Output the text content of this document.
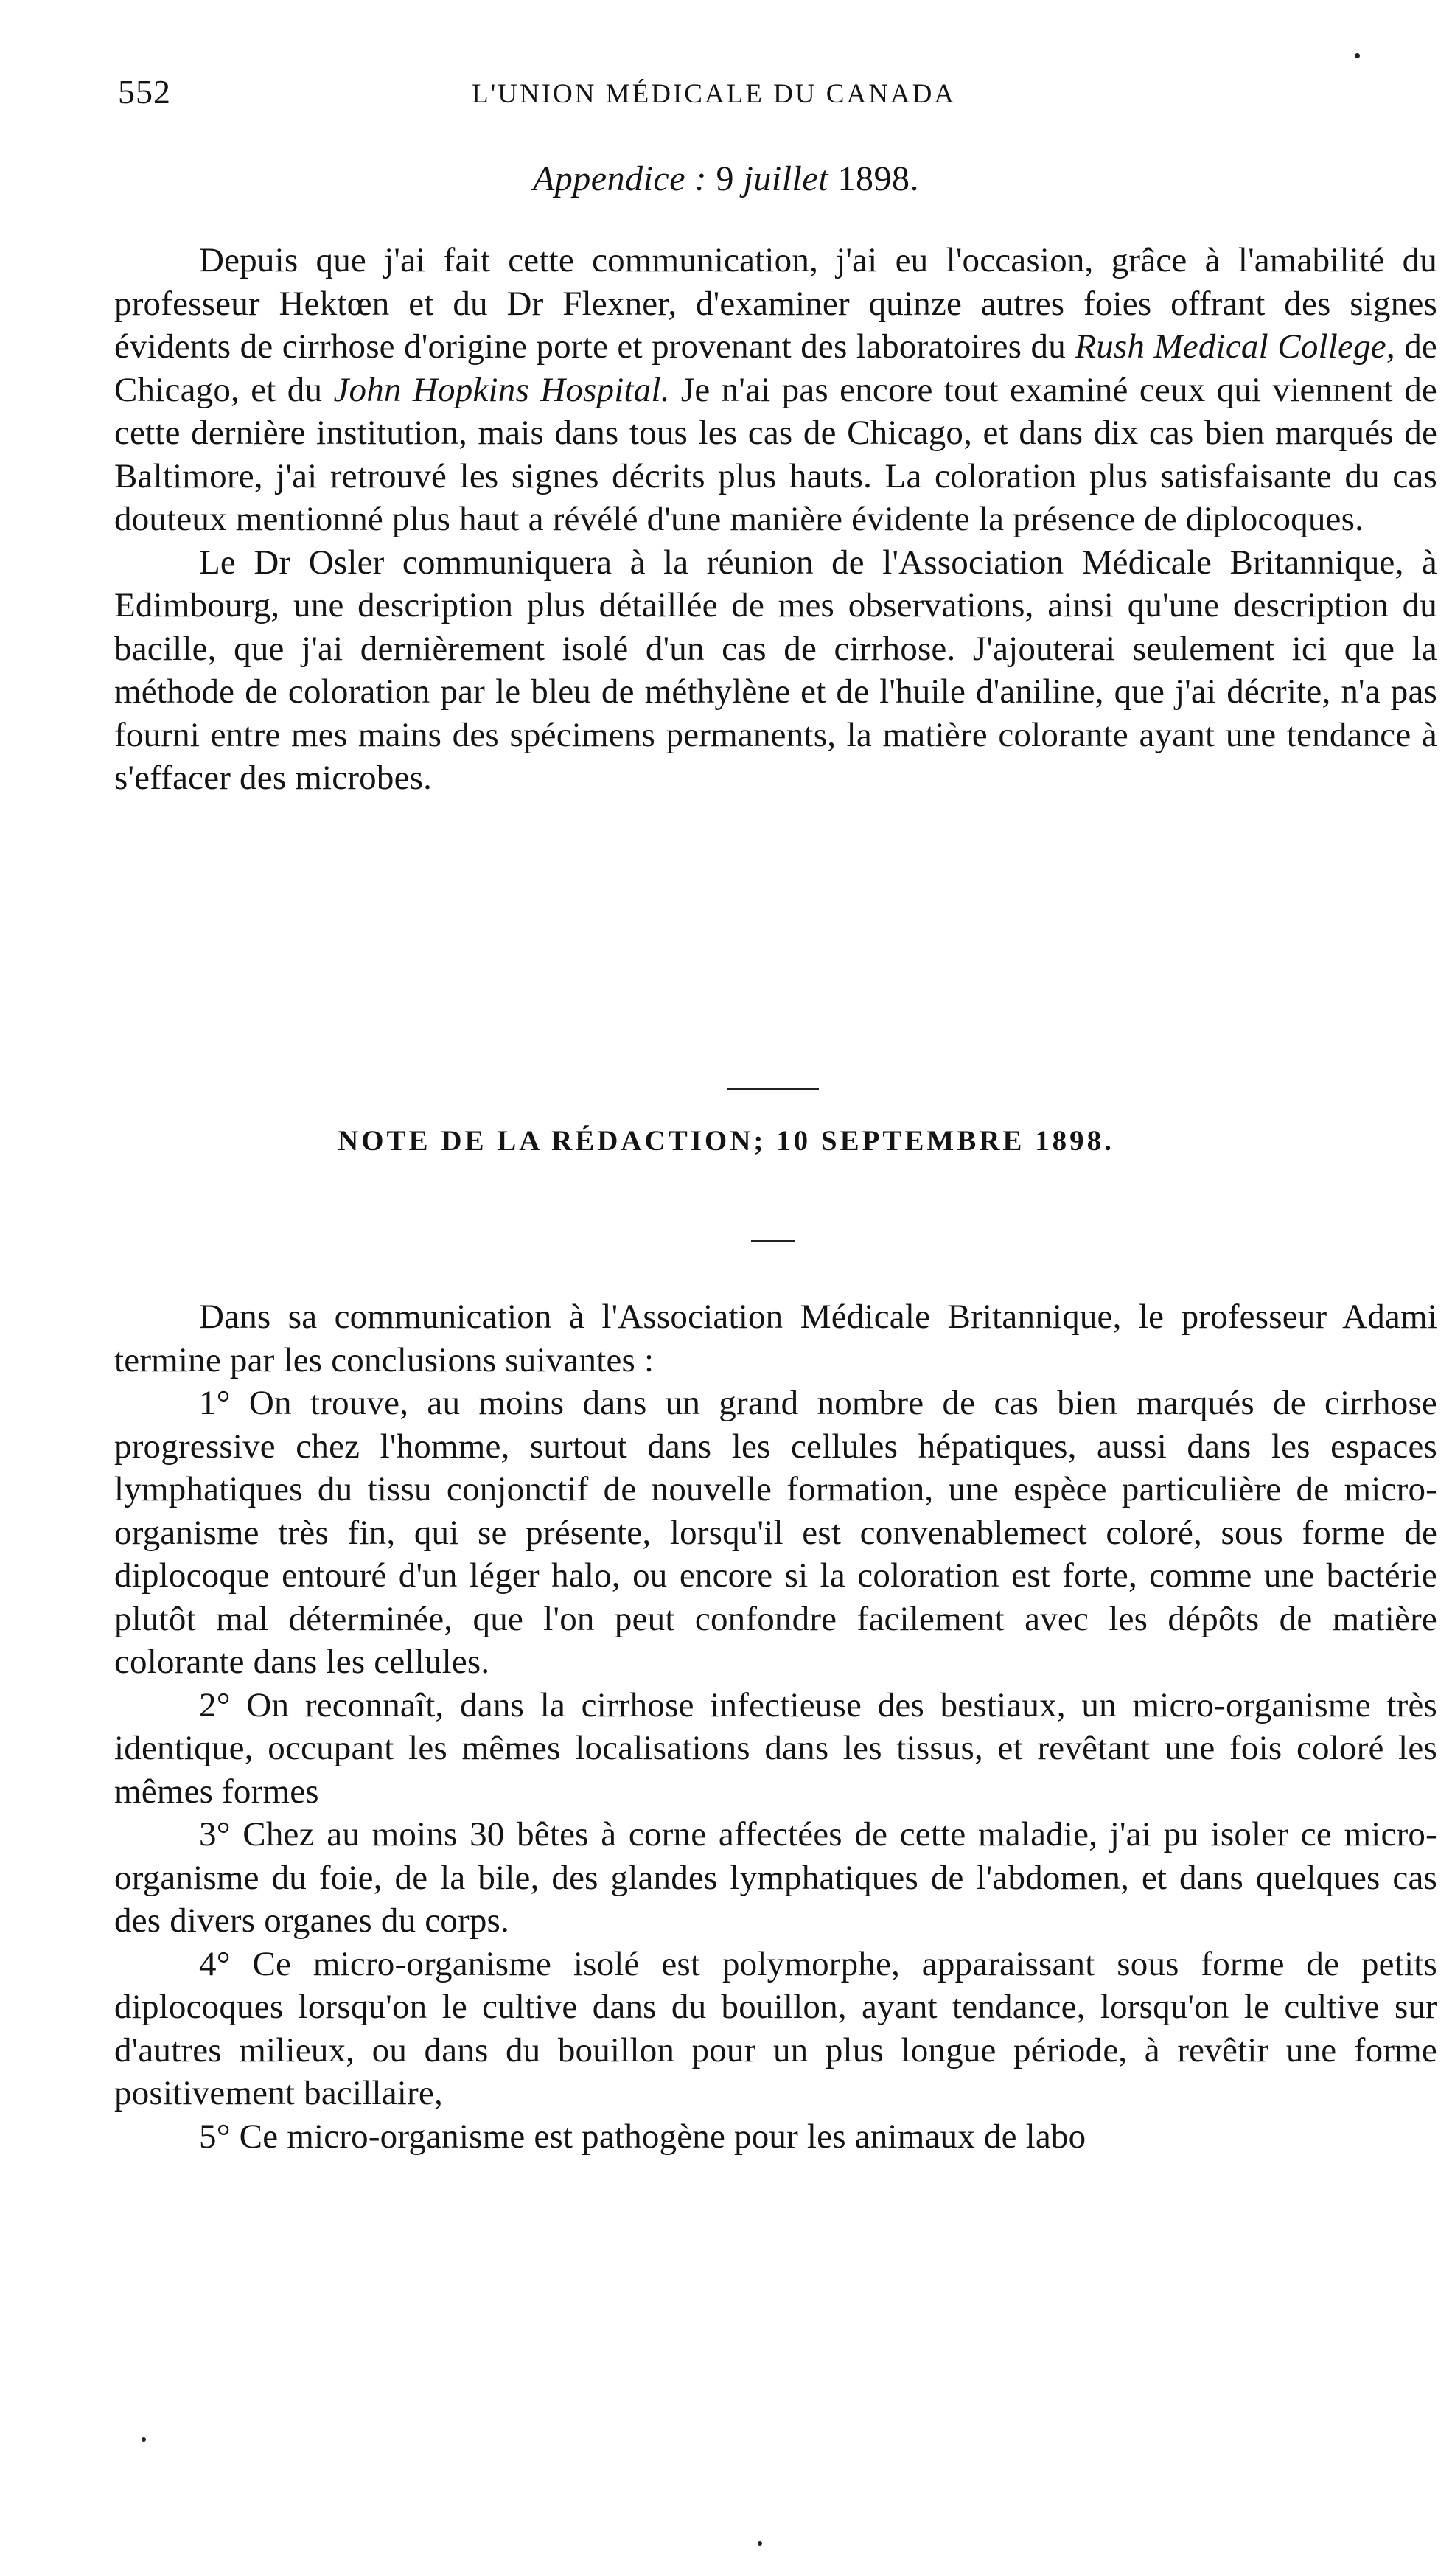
552	L'UNION MÉDICALE DU CANADA
Appendice : 9 juillet 1898.

Depuis que j'ai fait cette communication, j'ai eu l'occasion, grâce à l'amabilité du professeur Hektœn et du Dr Flexner, d'examiner quinze autres foies offrant des signes évidents de cirrhose d'origine porte et provenant des laboratoires du Rush Medical College, de Chicago, et du John Hopkins Hospital. Je n'ai pas encore tout examiné ceux qui viennent de cette dernière institution, mais dans tous les cas de Chicago, et dans dix cas bien marqués de Baltimore, j'ai retrouvé les signes décrits plus hauts. La coloration plus satisfaisante du cas douteux mentionné plus haut a révélé d'une manière évidente la présence de diplocoques.

Le Dr Osler communiquera à la réunion de l'Association Médicale Britannique, à Edimbourg, une description plus détaillée de mes observations, ainsi qu'une description du bacille, que j'ai dernièrement isolé d'un cas de cirrhose. J'ajouterai seulement ici que la méthode de coloration par le bleu de méthylène et de l'huile d'aniline, que j'ai décrite, n'a pas fourni entre mes mains des spécimens permanents, la matière colorante ayant une tendance à s'effacer des microbes.

NOTE DE LA RÉDACTION; 10 SEPTEMBRE 1898.

Dans sa communication à l'Association Médicale Britannique, le professeur Adami termine par les conclusions suivantes :

1° On trouve, au moins dans un grand nombre de cas bien marqués de cirrhose progressive chez l'homme, surtout dans les cellules hépatiques, aussi dans les espaces lymphatiques du tissu conjonctif de nouvelle formation, une espèce particulière de micro-organisme très fin, qui se présente, lorsqu'il est convenablemect coloré, sous forme de diplocoque entouré d'un léger halo, ou encore si la coloration est forte, comme une bactérie plutôt mal déterminée, que l'on peut confondre facilement avec les dépôts de matière colorante dans les cellules.

2° On reconnaît, dans la cirrhose infectieuse des bestiaux, un micro-organisme très identique, occupant les mêmes localisations dans les tissus, et revêtant une fois coloré les mêmes formes

3° Chez au moins 30 bêtes à corne affectées de cette maladie, j'ai pu isoler ce micro-organisme du foie, de la bile, des glandes lymphatiques de l'abdomen, et dans quelques cas des divers organes du corps.

4° Ce micro-organisme isolé est polymorphe, apparaissant sous forme de petits diplocoques lorsqu'on le cultive dans du bouillon, ayant tendance, lorsqu'on le cultive sur d'autres milieux, ou dans du bouillon pour un plus longue période, à revêtir une forme positivement bacillaire,

5° Ce micro-organisme est pathogène pour les animaux de labo
